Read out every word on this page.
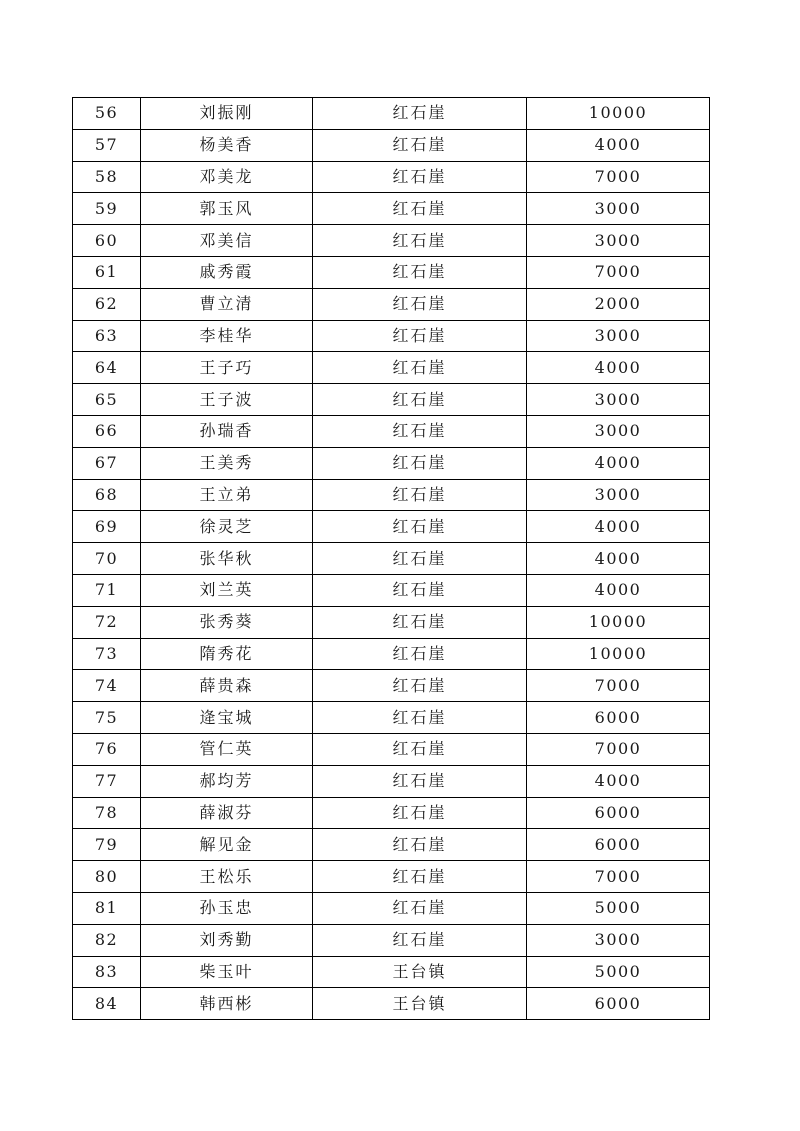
56	刘振刚	红石崖	10000
57	杨美香	红石崖	4000
58	邓美龙	红石崖	7000
59	郭玉风	红石崖	3000
60	邓美信	红石崖	3000
61	戚秀霞	红石崖	7000
62	曹立清	红石崖	2000
63	李桂华	红石崖	3000
64	王子巧	红石崖	4000
65	王子波	红石崖	3000
66	孙瑞香	红石崖	3000
67	王美秀	红石崖	4000
68	王立弟	红石崖	3000
69	徐灵芝	红石崖	4000
70	张华秋	红石崖	4000
71	刘兰英	红石崖	4000
72	张秀葵	红石崖	10000
73	隋秀花	红石崖	10000
74	薛贵森	红石崖	7000
75	逄宝城	红石崖	6000
76	管仁英	红石崖	7000
77	郝均芳	红石崖	4000
78	薛淑芬	红石崖	6000
79	解见金	红石崖	6000
80	王松乐	红石崖	7000
81	孙玉忠	红石崖	5000
82	刘秀勤	红石崖	3000
83	柴玉叶	王台镇	5000
84	韩西彬	王台镇	6000
